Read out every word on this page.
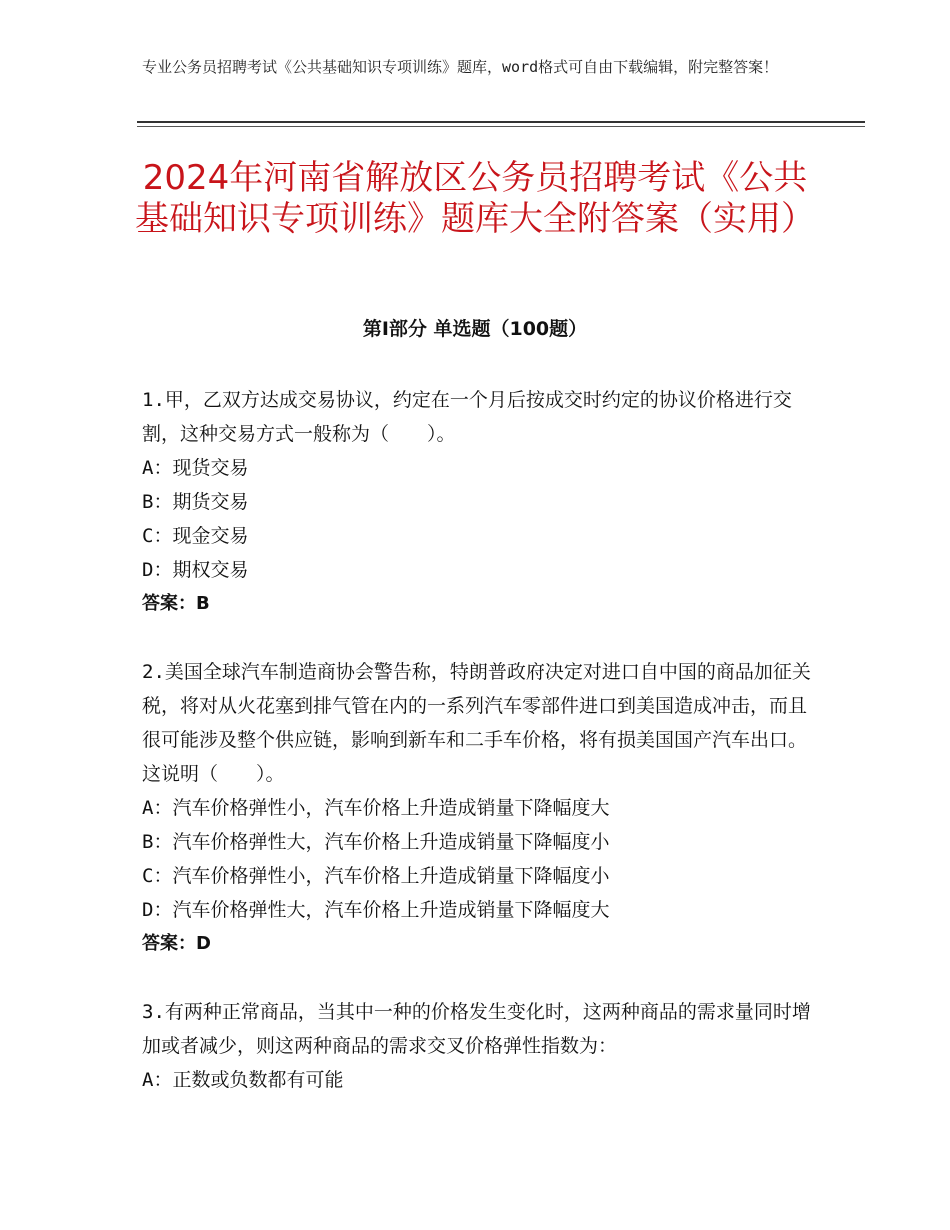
专业公务员招聘考试《公共基础知识专项训练》题库，word格式可自由下载编辑，附完整答案！
2024年河南省解放区公务员招聘考试《公共基础知识专项训练》题库大全附答案（实用）
第Ⅰ部分 单选题（100题）

1.甲，乙双方达成交易协议，约定在一个月后按成交时约定的协议价格进行交割，这种交易方式一般称为（　　）。

A：现货交易

B：期货交易

C：现金交易

D：期权交易

答案：B

2.美国全球汽车制造商协会警告称，特朗普政府决定对进口自中国的商品加征关税，将对从火花塞到排气管在内的一系列汽车零部件进口到美国造成冲击，而且很可能涉及整个供应链，影响到新车和二手车价格，将有损美国国产汽车出口。这说明（　　）。

A：汽车价格弹性小，汽车价格上升造成销量下降幅度大

B：汽车价格弹性大，汽车价格上升造成销量下降幅度小

C：汽车价格弹性小，汽车价格上升造成销量下降幅度小

D：汽车价格弹性大，汽车价格上升造成销量下降幅度大

答案：D

3.有两种正常商品，当其中一种的价格发生变化时，这两种商品的需求量同时增加或者减少，则这两种商品的需求交叉价格弹性指数为：

A：正数或负数都有可能
